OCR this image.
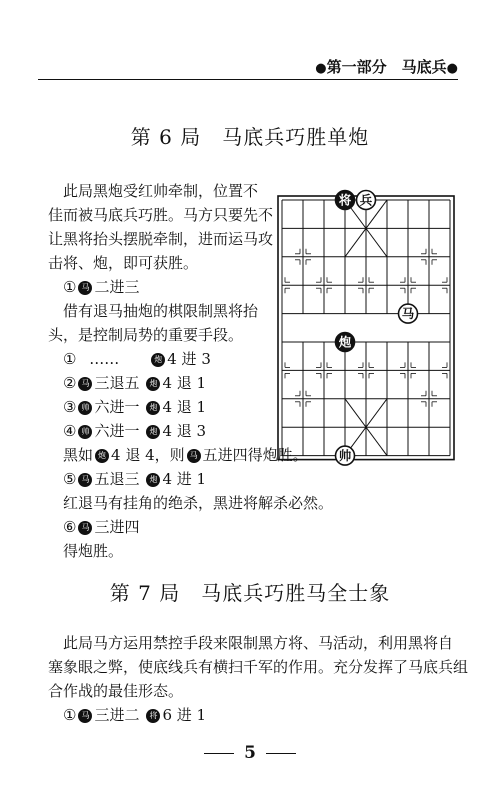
●第一部分　马底兵●
第 6 局　马底兵巧胜单炮
此局黑炮受红帅牵制，位置不
佳而被马底兵巧胜。马方只要先不
让黑将抬头摆脱牵制，进而运马攻
击将、炮，即可获胜。
① 马 二进三
借有退马抽炮的棋限制黑将抬
头，是控制局势的重要手段。
① ……	炮 4 进 3
② 马 三退五 炮 4 退 1
③ 帅 六进一 炮 4 退 1
④ 帅 六进一 炮 4 退 3
黑如 炮 4 退 4，则 马 五进四得炮胜。
⑤ 马 五退三 炮 4 进 1
红退马有挂角的绝杀，黑进将解杀必然。
⑥ 马 三进四
得炮胜。
将 兵
马
炮
帅
第 7 局　马底兵巧胜马全士象
此局马方运用禁控手段来限制黑方将、马活动，利用黑将自
塞象眼之弊，使底线兵有横扫千军的作用。充分发挥了马底兵组
合作战的最佳形态。
① 马 三进二 将 6 进 1
5
